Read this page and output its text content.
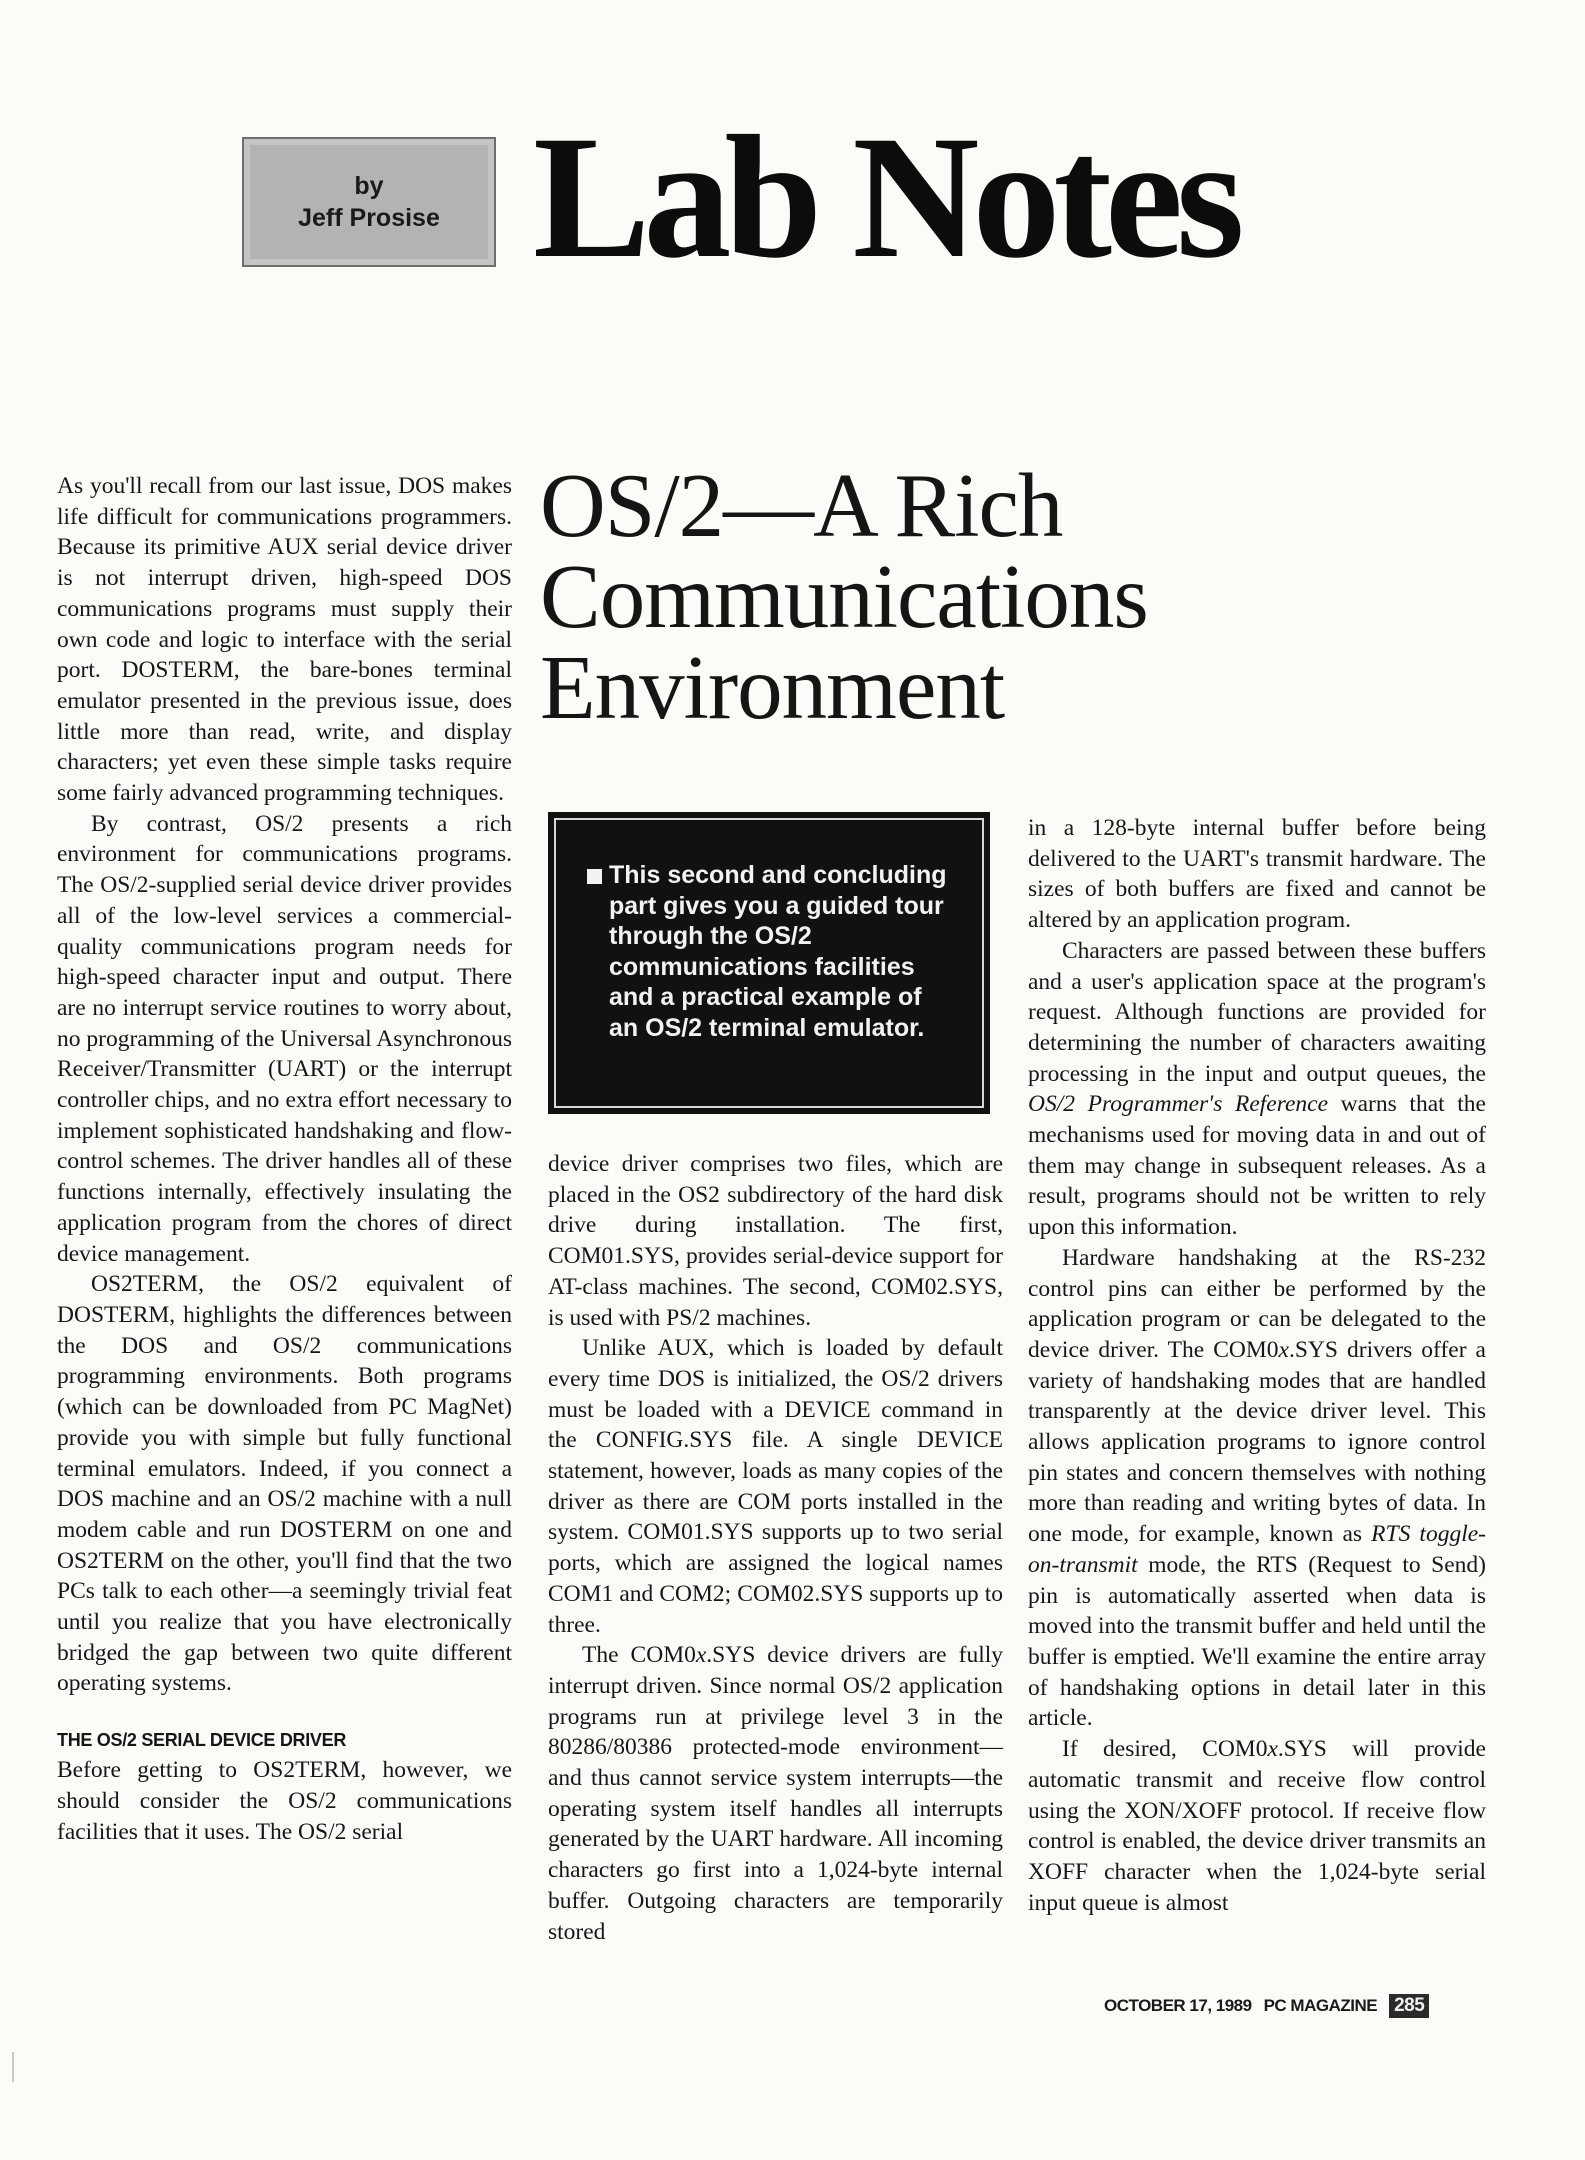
by
Jeff Prosise Lab Notes
OS/2—A Rich
Communications
Environment

As you'll recall from our last issue, DOS makes life difficult for communications programmers. Because its primitive AUX serial device driver is not interrupt driven, high-speed DOS communications programs must supply their own code and logic to interface with the serial port. DOSTERM, the bare-bones terminal emulator presented in the previous issue, does little more than read, write, and display characters; yet even these simple tasks require some fairly advanced programming techniques.

By contrast, OS/2 presents a rich environment for communications programs. The OS/2-supplied serial device driver provides all of the low-level services a commercial-quality communications program needs for high-speed character input and output. There are no interrupt service routines to worry about, no programming of the Universal Asynchronous Receiver/Transmitter (UART) or the interrupt controller chips, and no extra effort necessary to implement sophisticated handshaking and flow-control schemes. The driver handles all of these functions internally, effectively insulating the application program from the chores of direct device management.

OS2TERM, the OS/2 equivalent of DOSTERM, highlights the differences between the DOS and OS/2 communications programming environments. Both programs (which can be downloaded from PC MagNet) provide you with simple but fully functional terminal emulators. Indeed, if you connect a DOS machine and an OS/2 machine with a null modem cable and run DOSTERM on one and OS2TERM on the other, you'll find that the two PCs talk to each other—a seemingly trivial feat until you realize that you have electronically bridged the gap between two quite different operating systems.

THE OS/2 SERIAL DEVICE DRIVER

Before getting to OS2TERM, however, we should consider the OS/2 communications facilities that it uses. The OS/2 serial

This second and concluding part gives you a guided tour through the OS/2 communications facilities and a practical example of an OS/2 terminal emulator.

device driver comprises two files, which are placed in the OS2 subdirectory of the hard disk drive during installation. The first, COM01.SYS, provides serial-device support for AT-class machines. The second, COM02.SYS, is used with PS/2 machines.

Unlike AUX, which is loaded by default every time DOS is initialized, the OS/2 drivers must be loaded with a DEVICE command in the CONFIG.SYS file. A single DEVICE statement, however, loads as many copies of the driver as there are COM ports installed in the system. COM01.SYS supports up to two serial ports, which are assigned the logical names COM1 and COM2; COM02.SYS supports up to three.

The COM0x.SYS device drivers are fully interrupt driven. Since normal OS/2 application programs run at privilege level 3 in the 80286/80386 protected-mode environment—and thus cannot service system interrupts—the operating system itself handles all interrupts generated by the UART hardware. All incoming characters go first into a 1,024-byte internal buffer. Outgoing characters are temporarily stored

in a 128-byte internal buffer before being delivered to the UART's transmit hardware. The sizes of both buffers are fixed and cannot be altered by an application program.

Characters are passed between these buffers and a user's application space at the program's request. Although functions are provided for determining the number of characters awaiting processing in the input and output queues, the OS/2 Programmer's Reference warns that the mechanisms used for moving data in and out of them may change in subsequent releases. As a result, programs should not be written to rely upon this information.

Hardware handshaking at the RS-232 control pins can either be performed by the application program or can be delegated to the device driver. The COM0x.SYS drivers offer a variety of handshaking modes that are handled transparently at the device driver level. This allows application programs to ignore control pin states and concern themselves with nothing more than reading and writing bytes of data. In one mode, for example, known as RTS toggle-on-transmit mode, the RTS (Request to Send) pin is automatically asserted when data is moved into the transmit buffer and held until the buffer is emptied. We'll examine the entire array of handshaking options in detail later in this article.

If desired, COM0x.SYS will provide automatic transmit and receive flow control using the XON/XOFF protocol. If receive flow control is enabled, the device driver transmits an XOFF character when the 1,024-byte serial input queue is almost

OCTOBER 17, 1989 PC MAGAZINE 285
